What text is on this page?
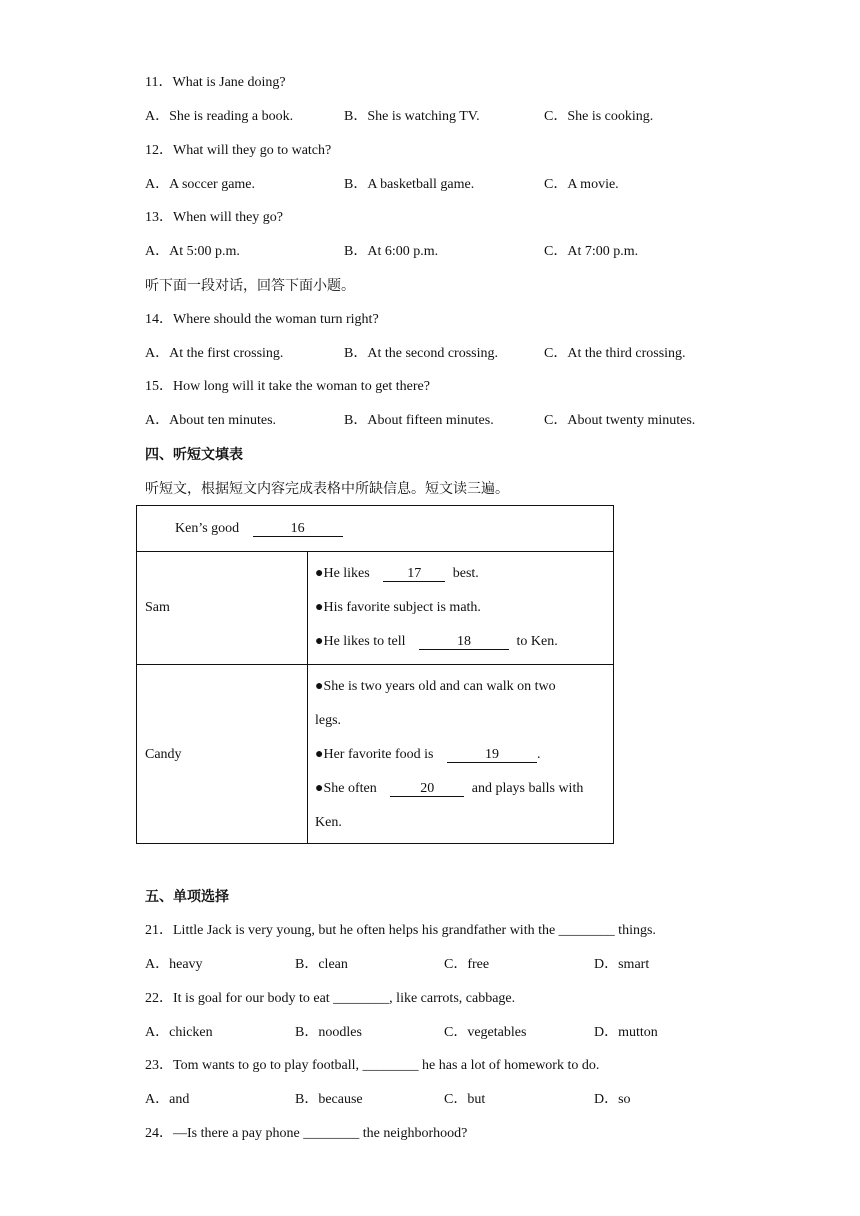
11．What is Jane doing?
A．She is reading a book.	B．She is watching TV.	C．She is cooking.
12．What will they go to watch?
A．A soccer game.	B．A basketball game.	C．A movie.
13．When will they go?
A．At 5:00 p.m.	B．At 6:00 p.m.	C．At 7:00 p.m.
听下面一段对话，回答下面小题。
14．Where should the woman turn right?
A．At the first crossing.	B．At the second crossing.	C．At the third crossing.
15．How long will it take the woman to get there?
A．About ten minutes.	B．About fifteen minutes.	C．About twenty minutes.
四、听短文填表
听短文，根据短文内容完成表格中所缺信息。短文读三遍。
Ken’s good	16
Sam
●He likes	17 best.
●His favorite subject is math.
●He likes to tell	18	to Ken.
Candy
●She is two years old and can walk on two
legs.
●Her favorite food is	19	.
●She often	20	and plays balls with
Ken.
五、单项选择
21．Little Jack is very young, but he often helps his grandfather with the ________ things.
A．heavy	B．clean	C．free	D．smart
22．It is goal for our body to eat ________, like carrots, cabbage.
A．chicken	B．noodles	C．vegetables	D．mutton
23．Tom wants to go to play football, ________ he has a lot of homework to do.
A．and	B．because	C．but	D．so
24．—Is there a pay phone ________ the neighborhood?
